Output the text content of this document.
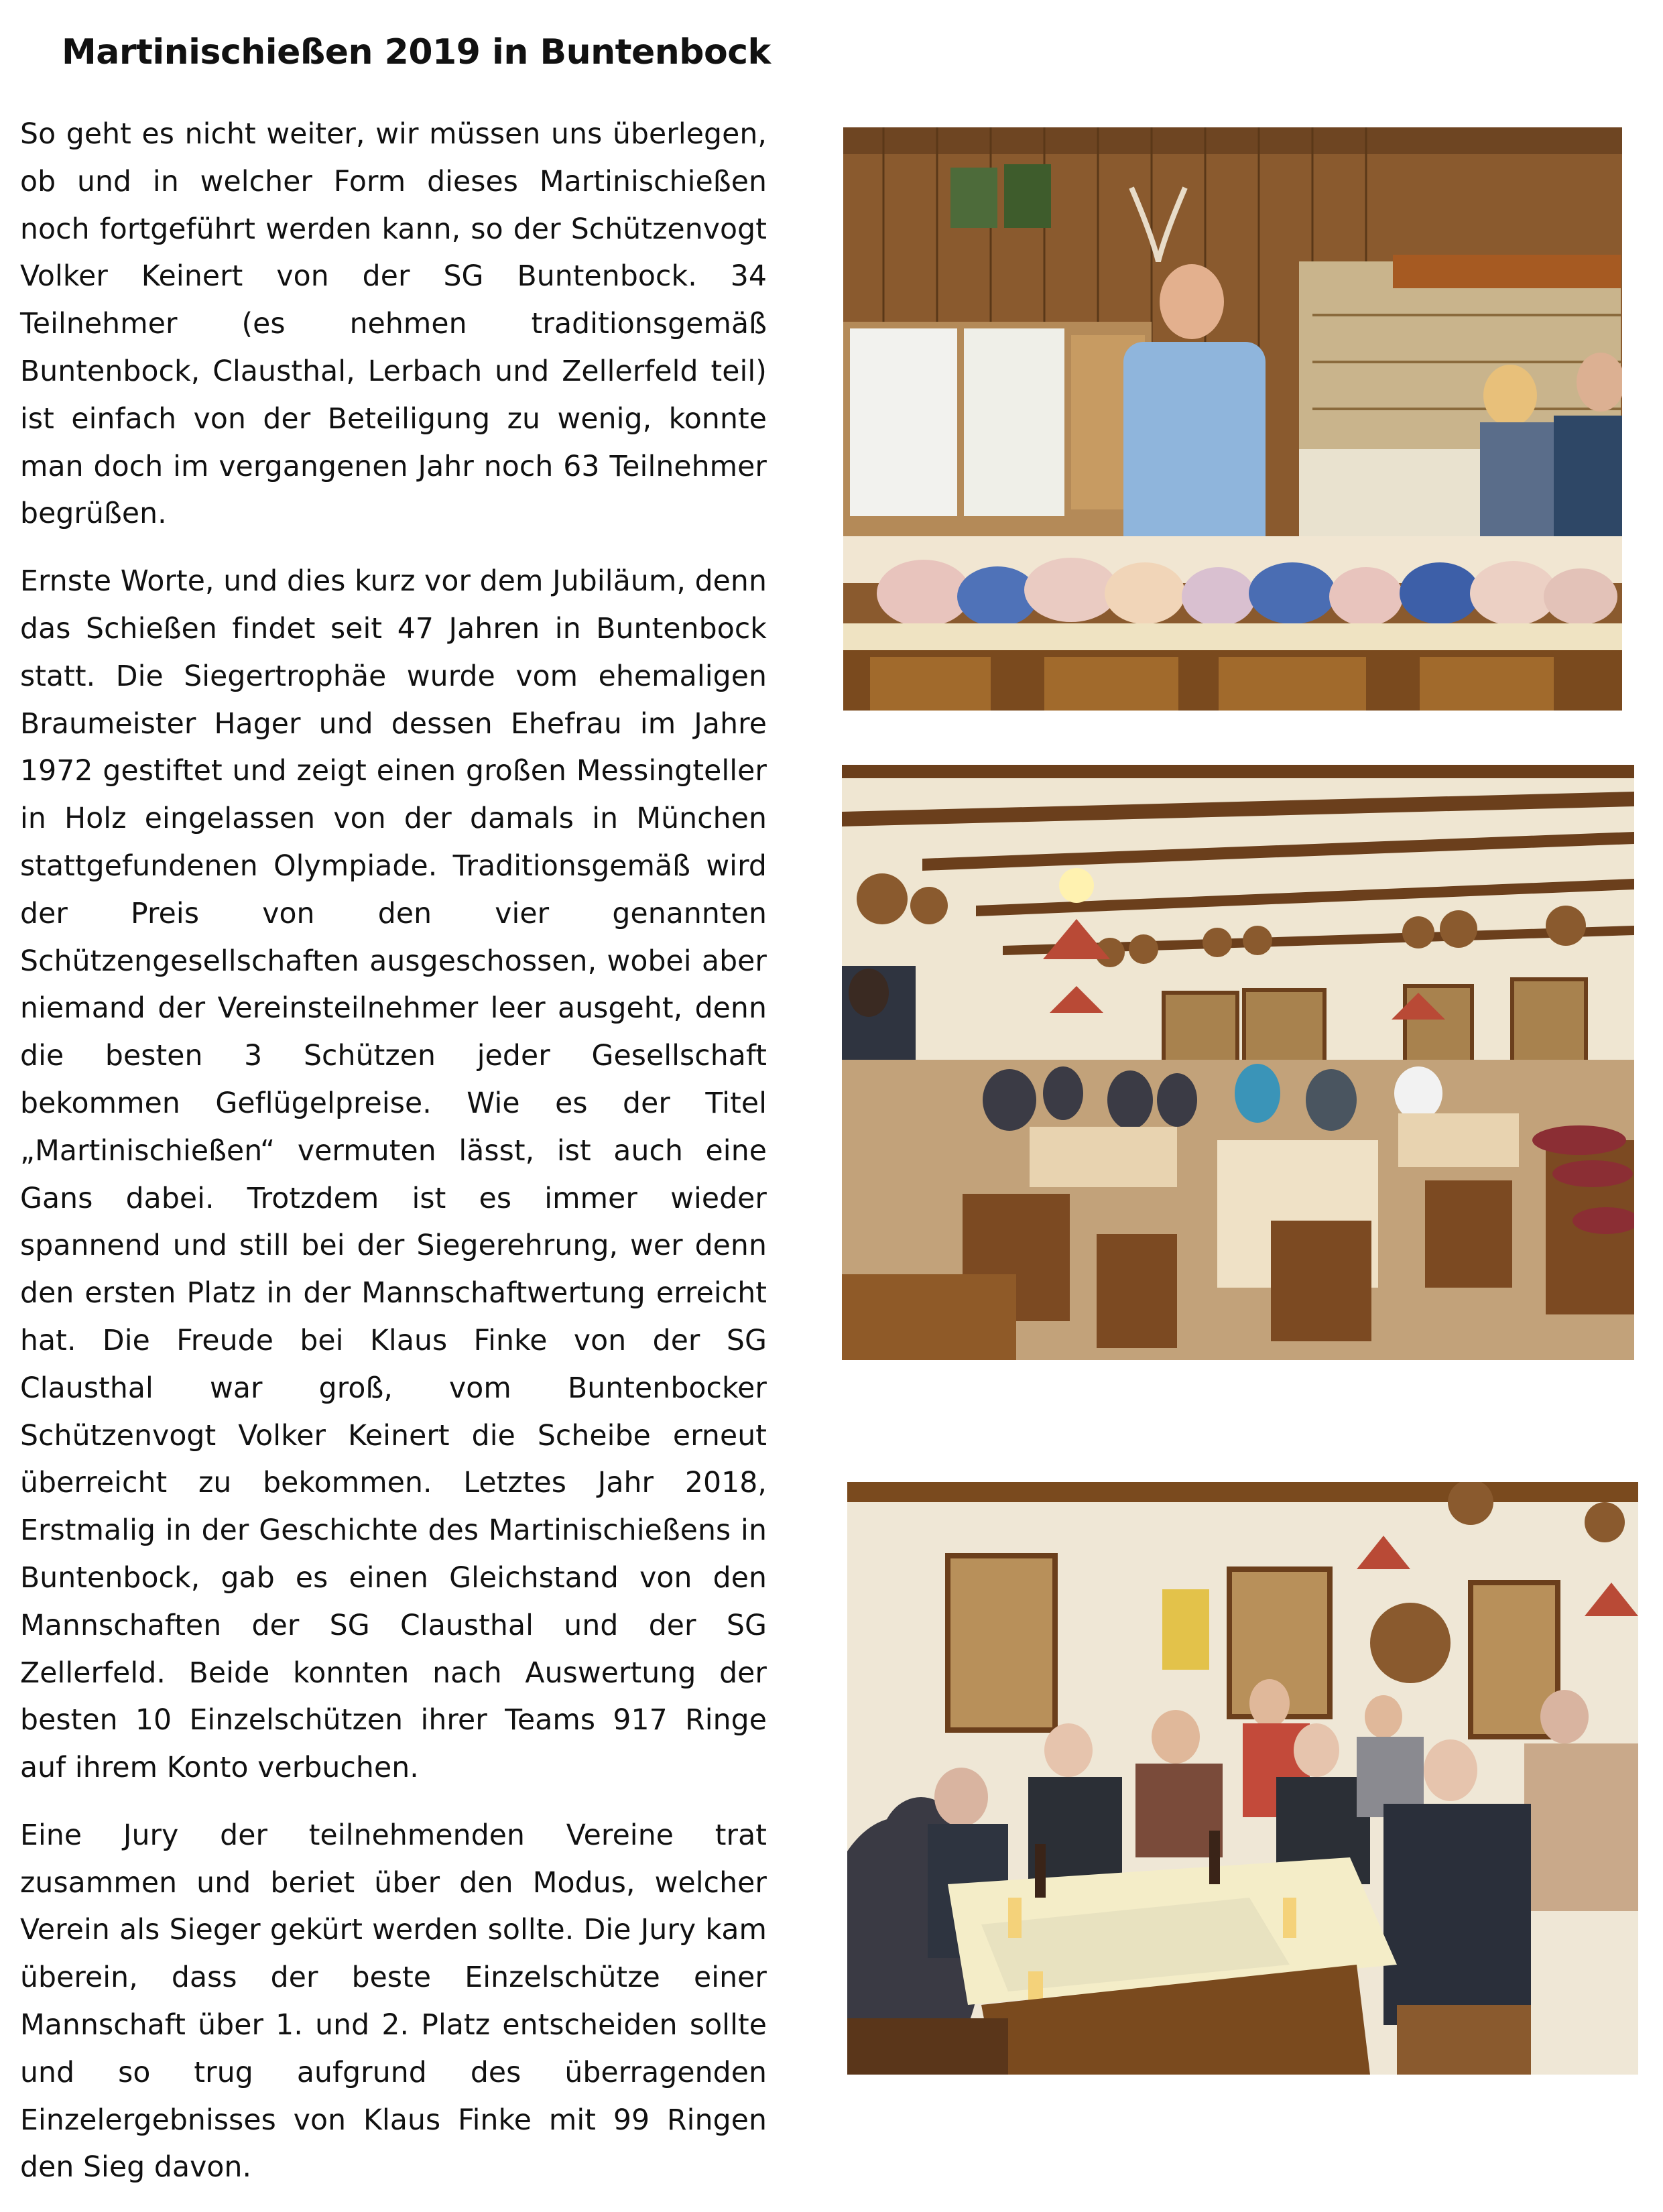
Martinischießen 2019 in Buntenbock

So geht es nicht weiter, wir müssen uns überlegen, ob und in welcher Form dieses Martinischießen noch fortgeführt werden kann, so der Schützenvogt Volker Keinert von der SG Buntenbock. 34 Teilnehmer (es nehmen traditionsgemäß Buntenbock, Clausthal, Lerbach und Zellerfeld teil) ist einfach von der Beteiligung zu wenig, konnte man doch im vergangenen Jahr noch 63 Teilnehmer begrüßen.

Ernste Worte, und dies kurz vor dem Jubiläum, denn das Schießen findet seit 47 Jahren in Buntenbock statt. Die Siegertrophäe wurde vom ehemaligen Braumeister Hager und dessen Ehefrau im Jahre 1972 gestiftet und zeigt einen großen Messingteller in Holz eingelassen von der damals in München stattgefundenen Olympiade. Traditionsgemäß wird der Preis von den vier genannten Schützengesellschaften ausgeschossen, wobei aber niemand der Vereinsteilnehmer leer ausgeht, denn die besten 3 Schützen jeder Gesellschaft bekommen Geflügelpreise. Wie es der Titel „Martinischießen“ vermuten lässt, ist auch eine Gans dabei. Trotzdem ist es immer wieder spannend und still bei der Siegerehrung, wer denn den ersten Platz in der Mannschaftwertung erreicht hat. Die Freude bei Klaus Finke von der SG Clausthal war groß, vom Buntenbocker Schützenvogt Volker Keinert die Scheibe erneut überreicht zu bekommen. Letztes Jahr 2018, Erstmalig in der Geschichte des Martinischießens in Buntenbock, gab es einen Gleichstand von den Mannschaften der SG Clausthal und der SG Zellerfeld. Beide konnten nach Auswertung der besten 10 Einzelschützen ihrer Teams 917 Ringe auf ihrem Konto verbuchen.

Eine Jury der teilnehmenden Vereine trat zusammen und beriet über den Modus, welcher Verein als Sieger gekürt werden sollte. Die Jury kam überein, dass der beste Einzelschütze einer Mannschaft über 1. und 2. Platz entscheiden sollte und so trug aufgrund des überragenden Einzelergebnisses von Klaus Finke mit 99 Ringen den Sieg davon.
